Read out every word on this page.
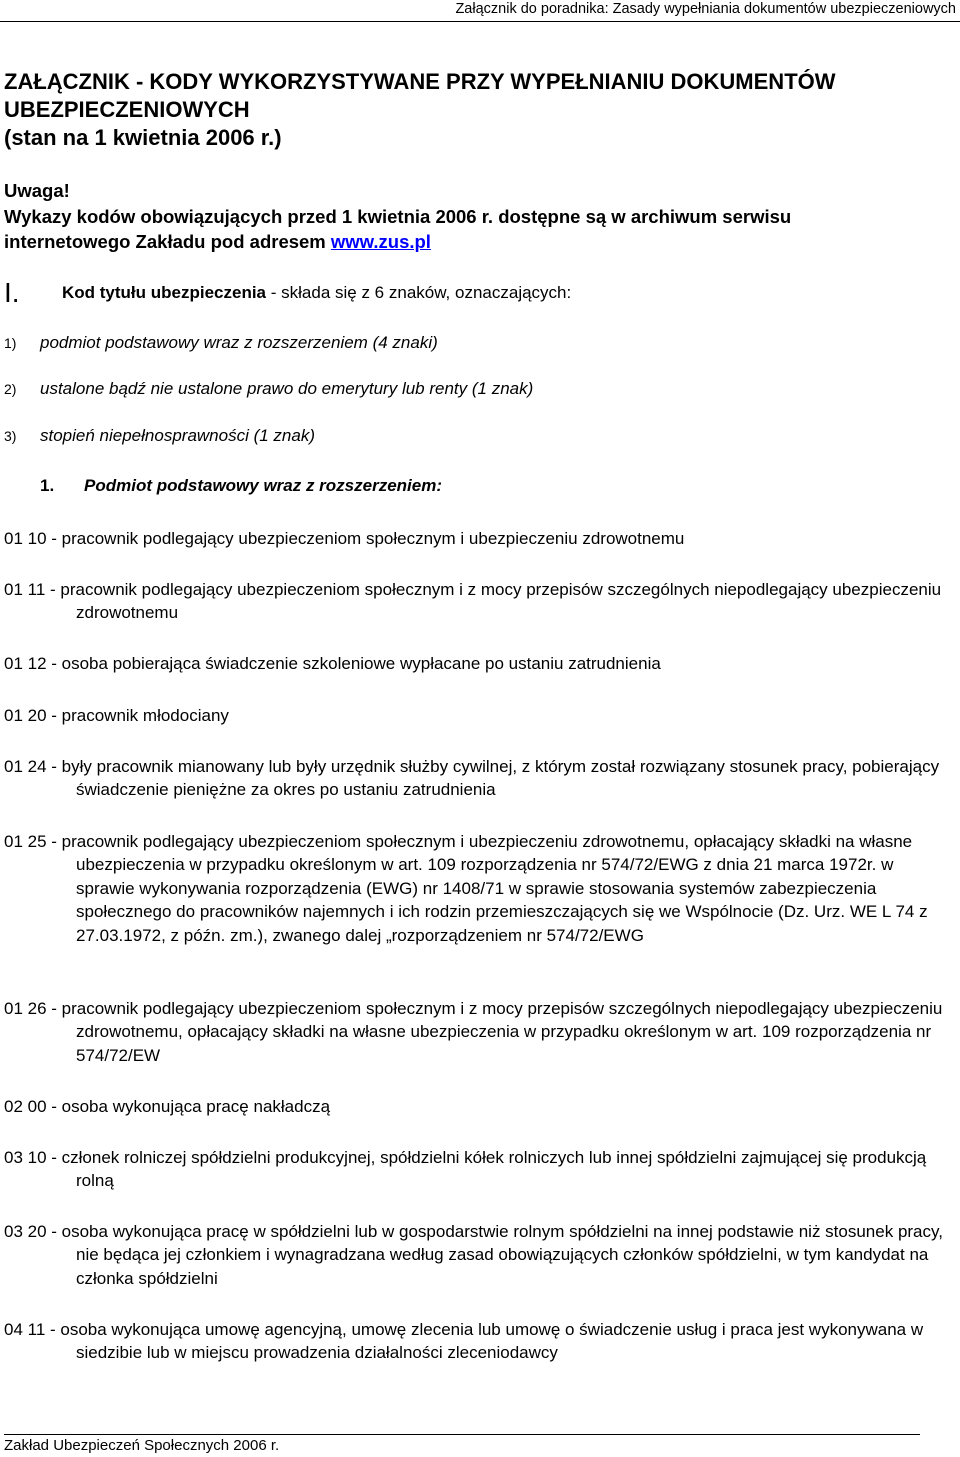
Załącznik do poradnika: Zasady wypełniania dokumentów ubezpieczeniowych
ZAŁĄCZNIK - KODY WYKORZYSTYWANE PRZY WYPEŁNIANIU DOKUMENTÓW
UBEZPIECZENIOWYCH
(stan na 1 kwietnia 2006 r.)
Uwaga!
Wykazy kodów obowiązujących przed 1 kwietnia 2006 r. dostępne są w archiwum serwisu
internetowego Zakładu pod adresem www.zus.pl
I. Kod tytułu ubezpieczenia - składa się z 6 znaków, oznaczających:
1) podmiot podstawowy wraz z rozszerzeniem (4 znaki)
2) ustalone bądź nie ustalone prawo do emerytury lub renty (1 znak)
3) stopień niepełnosprawności (1 znak)
1. Podmiot podstawowy wraz z rozszerzeniem:
01 10 - pracownik podlegający ubezpieczeniom społecznym i ubezpieczeniu zdrowotnemu
01 11 - pracownik podlegający ubezpieczeniom społecznym i z mocy przepisów szczególnych niepodlegający ubezpieczeniu zdrowotnemu
01 12 - osoba pobierająca świadczenie szkoleniowe wypłacane po ustaniu zatrudnienia
01 20 - pracownik młodociany
01 24 - były pracownik mianowany lub były urzędnik służby cywilnej, z którym został rozwiązany stosunek pracy, pobierający świadczenie pieniężne za okres po ustaniu zatrudnienia
01 25 - pracownik podlegający ubezpieczeniom społecznym i ubezpieczeniu zdrowotnemu, opłacający składki na własne ubezpieczenia w przypadku określonym w art. 109 rozporządzenia nr 574/72/EWG z dnia 21 marca 1972r. w sprawie wykonywania rozporządzenia (EWG) nr 1408/71 w sprawie stosowania systemów zabezpieczenia społecznego do pracowników najemnych i ich rodzin przemieszczających się we Wspólnocie (Dz. Urz. WE L 74 z 27.03.1972, z późn. zm.), zwanego dalej „rozporządzeniem nr 574/72/EWG
01 26 - pracownik podlegający ubezpieczeniom społecznym i z mocy przepisów szczególnych niepodlegający ubezpieczeniu zdrowotnemu, opłacający składki na własne ubezpieczenia w przypadku określonym w art. 109 rozporządzenia nr 574/72/EW
02 00 - osoba wykonująca pracę nakładczą
03 10 - członek rolniczej spółdzielni produkcyjnej, spółdzielni kółek rolniczych lub innej spółdzielni zajmującej się produkcją rolną
03 20 - osoba wykonująca pracę w spółdzielni lub w gospodarstwie rolnym spółdzielni na innej podstawie niż stosunek pracy, nie będąca jej członkiem i wynagradzana według zasad obowiązujących członków spółdzielni, w tym kandydat na członka spółdzielni
04 11 - osoba wykonująca umowę agencyjną, umowę zlecenia lub umowę o świadczenie usług i praca jest wykonywana w siedzibie lub w miejscu prowadzenia działalności zleceniodawcy
Zakład Ubezpieczeń Społecznych 2006 r.
